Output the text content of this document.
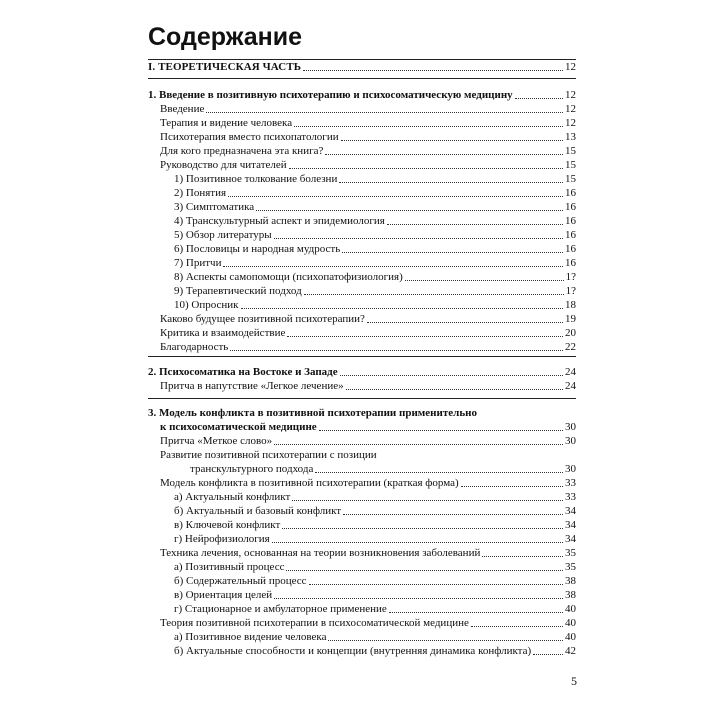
Содержание
I. ТЕОРЕТИЧЕСКАЯ ЧАСТЬ	12
1. Введение в позитивную психотерапию и психосоматическую медицину	12
Введение	12
Терапия и видение человека	12
Психотерапия вместо психопатологии	13
Для кого предназначена эта книга?	15
Руководство для читателей	15
1) Позитивное толкование болезни	15
2) Понятия	16
3) Симптоматика	16
4) Транскультурный аспект и эпидемиология	16
5) Обзор литературы	16
6) Пословицы и народная мудрость	16
7) Притчи	16
8) Аспекты самопомощи (психопатофизиология)	1?
9) Терапевтический подход	1?
10) Опросник	18
Каково будущее позитивной психотерапии?	19
Критика и взаимодействие	20
Благодарность	22
2. Психосоматика на Востоке и Западе	24
Притча в напутствие «Легкое лечение»	24
3. Модель конфликта в позитивной психотерапии применительно
к психосоматической медицине	30
Притча «Меткое слово»	30
Развитие позитивной психотерапии с позиции
транскультурного подхода	30
Модель конфликта в позитивной психотерапии (краткая форма)	33
а) Актуальный конфликт	33
б) Актуальный и базовый конфликт	34
в) Ключевой конфликт	34
г) Нейрофизиология	34
Техника лечения, основанная на теории возникновения заболеваний	35
а) Позитивный процесс	35
б) Содержательный процесс	38
в) Ориентация целей	38
г) Стационарное и амбулаторное применение	40
Теория позитивной психотерапии в психосоматической медицине	40
а) Позитивное видение человека	40
б) Актуальные способности и концепции (внутренняя динамика конфликта)	42
5
